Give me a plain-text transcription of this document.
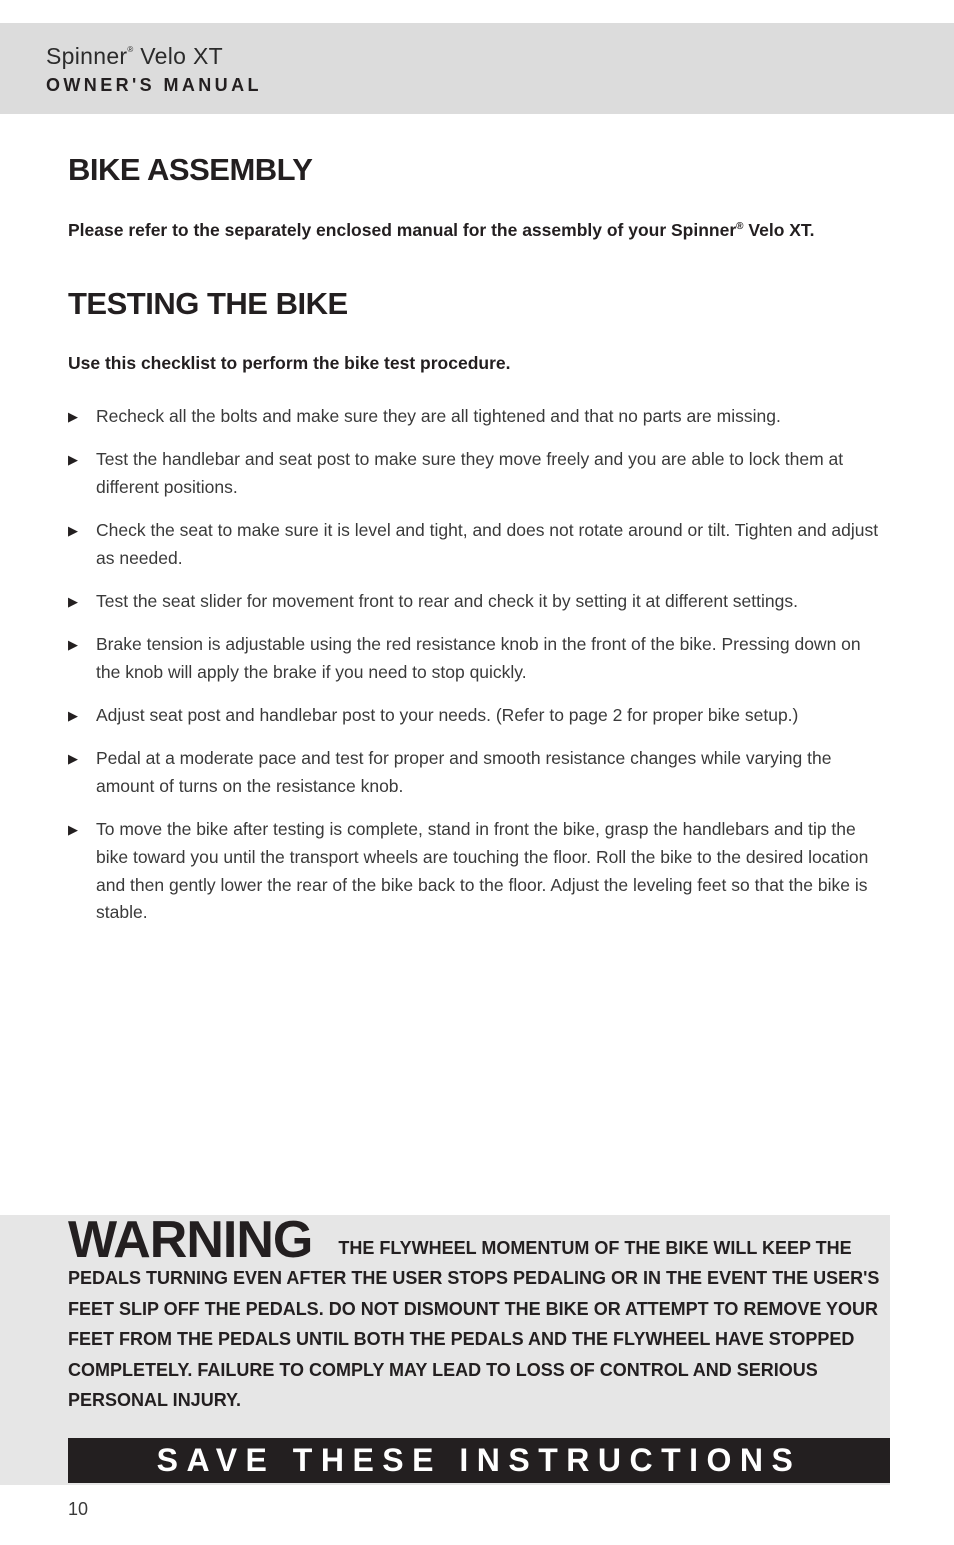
Spinner® Velo XT
OWNER'S MANUAL
BIKE ASSEMBLY

Please refer to the separately enclosed manual for the assembly of your Spinner® Velo XT.

TESTING THE BIKE

Use this checklist to perform the bike test procedure.

▶ Recheck all the bolts and make sure they are all tightened and that no parts are missing.
▶ Test the handlebar and seat post to make sure they move freely and you are able to lock them at different positions.
▶ Check the seat to make sure it is level and tight, and does not rotate around or tilt. Tighten and adjust as needed.
▶ Test the seat slider for movement front to rear and check it by setting it at different settings.
▶ Brake tension is adjustable using the red resistance knob in the front of the bike. Pressing down on the knob will apply the brake if you need to stop quickly.
▶ Adjust seat post and handlebar post to your needs. (Refer to page 2 for proper bike setup.)
▶ Pedal at a moderate pace and test for proper and smooth resistance changes while varying the amount of turns on the resistance knob.
▶ To move the bike after testing is complete, stand in front the bike, grasp the handlebars and tip the bike toward you until the transport wheels are touching the floor. Roll the bike to the desired location and then gently lower the rear of the bike back to the floor. Adjust the leveling feet so that the bike is stable.

WARNING THE FLYWHEEL MOMENTUM OF THE BIKE WILL KEEP THE PEDALS TURNING EVEN AFTER THE USER STOPS PEDALING OR IN THE EVENT THE USER'S FEET SLIP OFF THE PEDALS. DO NOT DISMOUNT THE BIKE OR ATTEMPT TO REMOVE YOUR FEET FROM THE PEDALS UNTIL BOTH THE PEDALS AND THE FLYWHEEL HAVE STOPPED COMPLETELY. FAILURE TO COMPLY MAY LEAD TO LOSS OF CONTROL AND SERIOUS PERSONAL INJURY.

SAVE THESE INSTRUCTIONS
10
